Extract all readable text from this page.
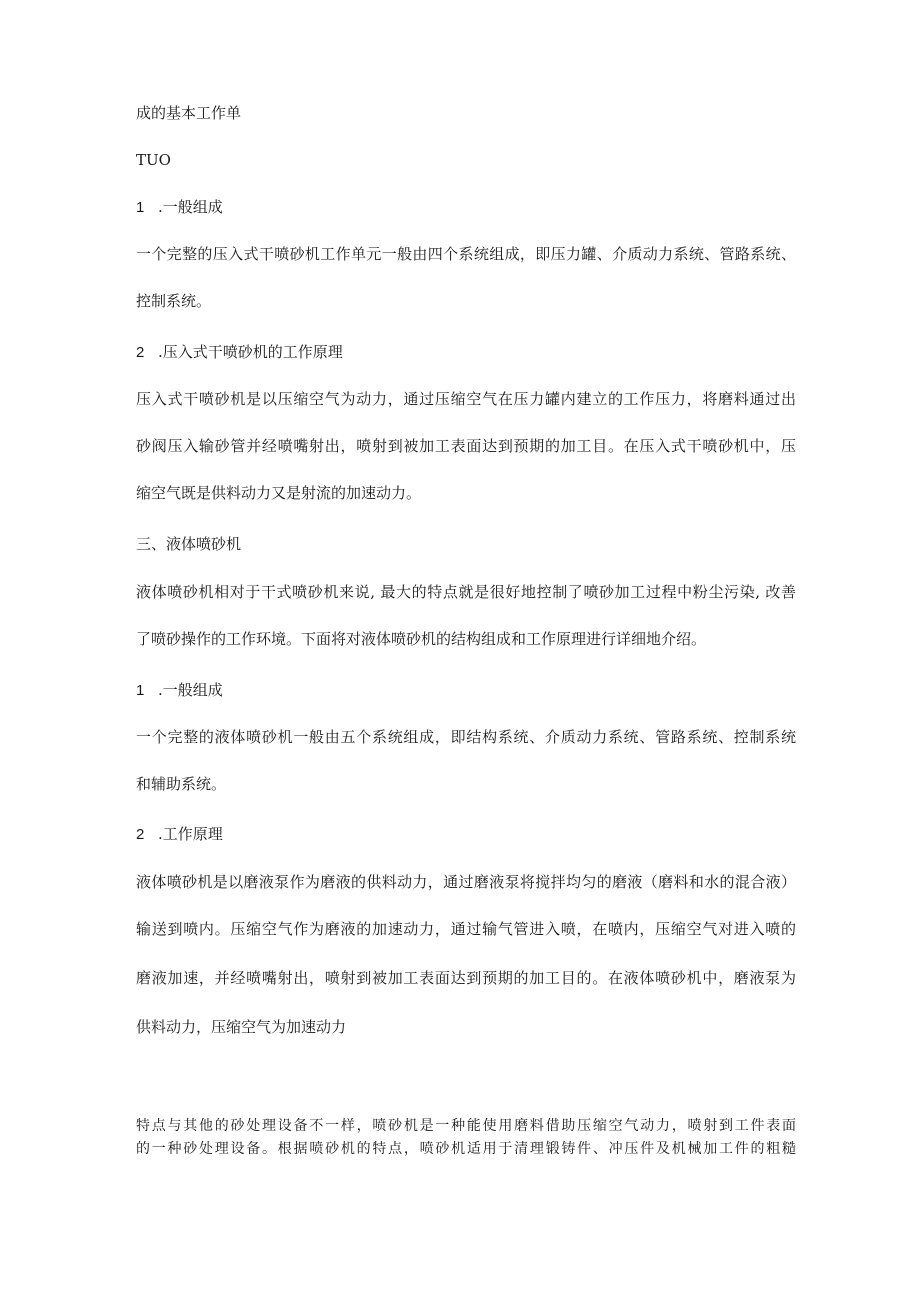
成的基本工作单

TUO

1 .一般组成

一个完整的压入式干喷砂机工作单元一般由四个系统组成，即压力罐、介质动力系统、管路系统、

控制系统。

2 .压入式干喷砂机的工作原理

压入式干喷砂机是以压缩空气为动力，通过压缩空气在压力罐内建立的工作压力，将磨料通过出

砂阀压入输砂管并经喷嘴射出，喷射到被加工表面达到预期的加工目。在压入式干喷砂机中，压

缩空气既是供料动力又是射流的加速动力。

三、液体喷砂机

液体喷砂机相对于干式喷砂机来说, 最大的特点就是很好地控制了喷砂加工过程中粉尘污染, 改善

了喷砂操作的工作环境。下面将对液体喷砂机的结构组成和工作原理进行详细地介绍。

1 .一般组成

一个完整的液体喷砂机一般由五个系统组成，即结构系统、介质动力系统、管路系统、控制系统

和辅助系统。

2 .工作原理

液体喷砂机是以磨液泵作为磨液的供料动力，通过磨液泵将搅拌均匀的磨液（磨料和水的混合液）

输送到喷内。压缩空气作为磨液的加速动力，通过输气管进入喷，在喷内，压缩空气对进入喷的

磨液加速，并经喷嘴射出，喷射到被加工表面达到预期的加工目的。在液体喷砂机中，磨液泵为

供料动力，压缩空气为加速动力

特点与其他的砂处理设备不一样，喷砂机是一种能使用磨料借助压缩空气动力，喷射到工件表面

的一种砂处理设备。根据喷砂机的特点，喷砂机适用于清理锻铸件、冲压件及机械加工件的粗糙
